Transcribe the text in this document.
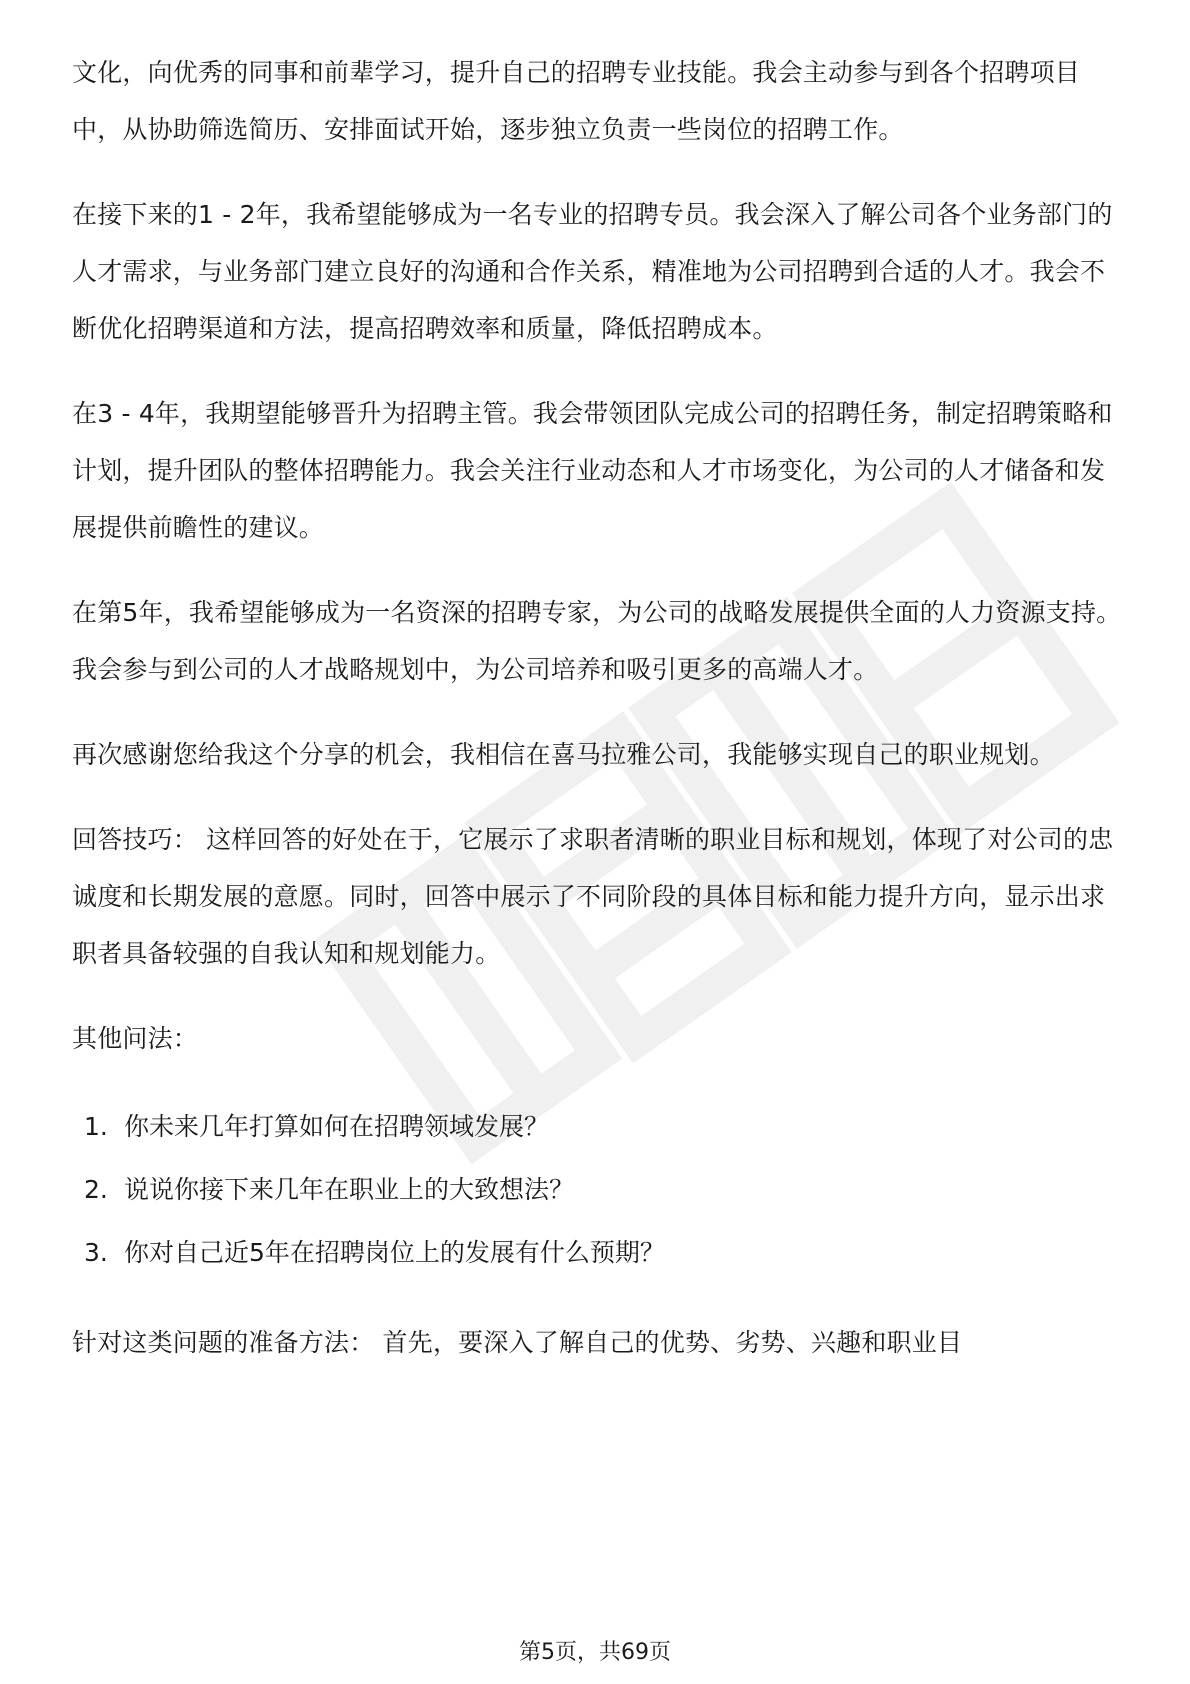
文化，向优秀的同事和前辈学习，提升自己的招聘专业技能。我会主动参与到各个招聘项目中，从协助筛选简历、安排面试开始，逐步独立负责一些岗位的招聘工作。

在接下来的1 - 2年，我希望能够成为一名专业的招聘专员。我会深入了解公司各个业务部门的人才需求，与业务部门建立良好的沟通和合作关系，精准地为公司招聘到合适的人才。我会不断优化招聘渠道和方法，提高招聘效率和质量，降低招聘成本。

在3 - 4年，我期望能够晋升为招聘主管。我会带领团队完成公司的招聘任务，制定招聘策略和计划，提升团队的整体招聘能力。我会关注行业动态和人才市场变化，为公司的人才储备和发展提供前瞻性的建议。

在第5年，我希望能够成为一名资深的招聘专家，为公司的战略发展提供全面的人力资源支持。我会参与到公司的人才战略规划中，为公司培养和吸引更多的高端人才。

再次感谢您给我这个分享的机会，我相信在喜马拉雅公司，我能够实现自己的职业规划。

回答技巧： 这样回答的好处在于，它展示了求职者清晰的职业目标和规划，体现了对公司的忠诚度和长期发展的意愿。同时，回答中展示了不同阶段的具体目标和能力提升方向，显示出求职者具备较强的自我认知和规划能力。

其他问法：

1. 你未来几年打算如何在招聘领域发展？
2. 说说你接下来几年在职业上的大致想法？
3. 你对自己近5年在招聘岗位上的发展有什么预期？

针对这类问题的准备方法： 首先，要深入了解自己的优势、劣势、兴趣和职业目

第5页，共69页
